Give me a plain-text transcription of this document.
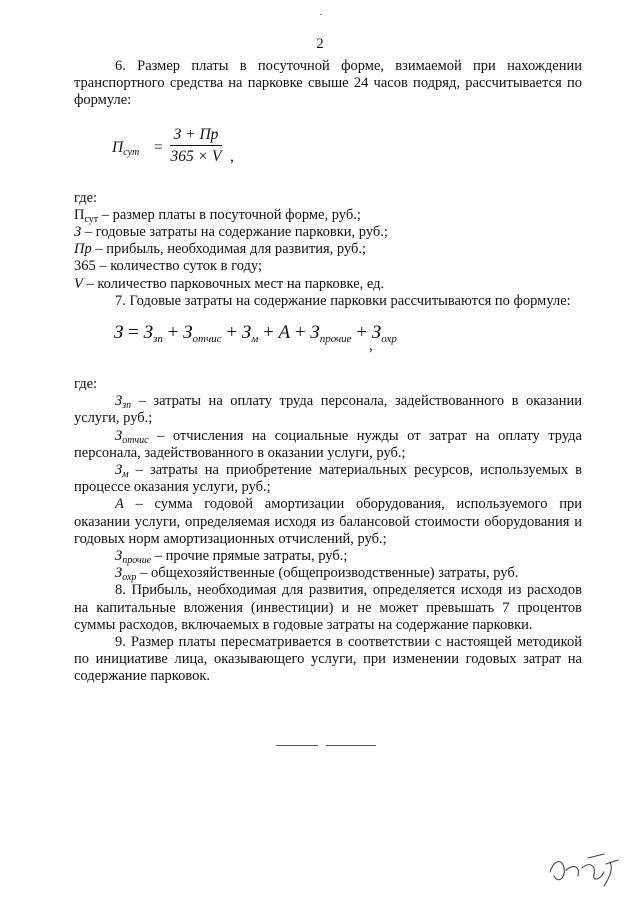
2

6. Размер платы в посуточной форме, взимаемой при нахождении транспортного средства на парковке свыше 24 часов подряд, рассчитывается по формуле:

$П_{сут}$ =
З + Пр
365 × V ,

где:

$П_{сут}$ – размер платы в посуточной форме, руб.;

З – годовые затраты на содержание парковки, руб.;

Пр – прибыль, необходимая для развития, руб.;

365 – количество суток в году;

V – количество парковочных мест на парковке, ед.

7. Годовые затраты на содержание парковки рассчитываются по формуле:

$З = З_{зп} + З_{отчис} + З_м + А + З_{прочие} + З_{охр}$
,

где:

$З_{зп}$ – затраты на оплату труда персонала, задействованного в оказании услуги, руб.;

$З_{отчис}$ – отчисления на социальные нужды от затрат на оплату труда персонала, задействованного в оказании услуги, руб.;

$З_м$ – затраты на приобретение материальных ресурсов, используемых в процессе оказания услуги, руб.;

А – сумма годовой амортизации оборудования, используемого при оказании услуги, определяемая исходя из балансовой стоимости оборудования и годовых норм амортизационных отчислений, руб.;

$З_{прочие}$ – прочие прямые затраты, руб.;

$З_{охр}$ – общехозяйственные (общепроизводственные) затраты, руб.

8. Прибыль, необходимая для развития, определяется исходя из расходов на капитальные вложения (инвестиции) и не может превышать 7 процентов суммы расходов, включаемых в годовые затраты на содержание парковки.

9. Размер платы пересматривается в соответствии с настоящей методикой по инициативе лица, оказывающего услуги, при изменении годовых затрат на содержание парковок.
